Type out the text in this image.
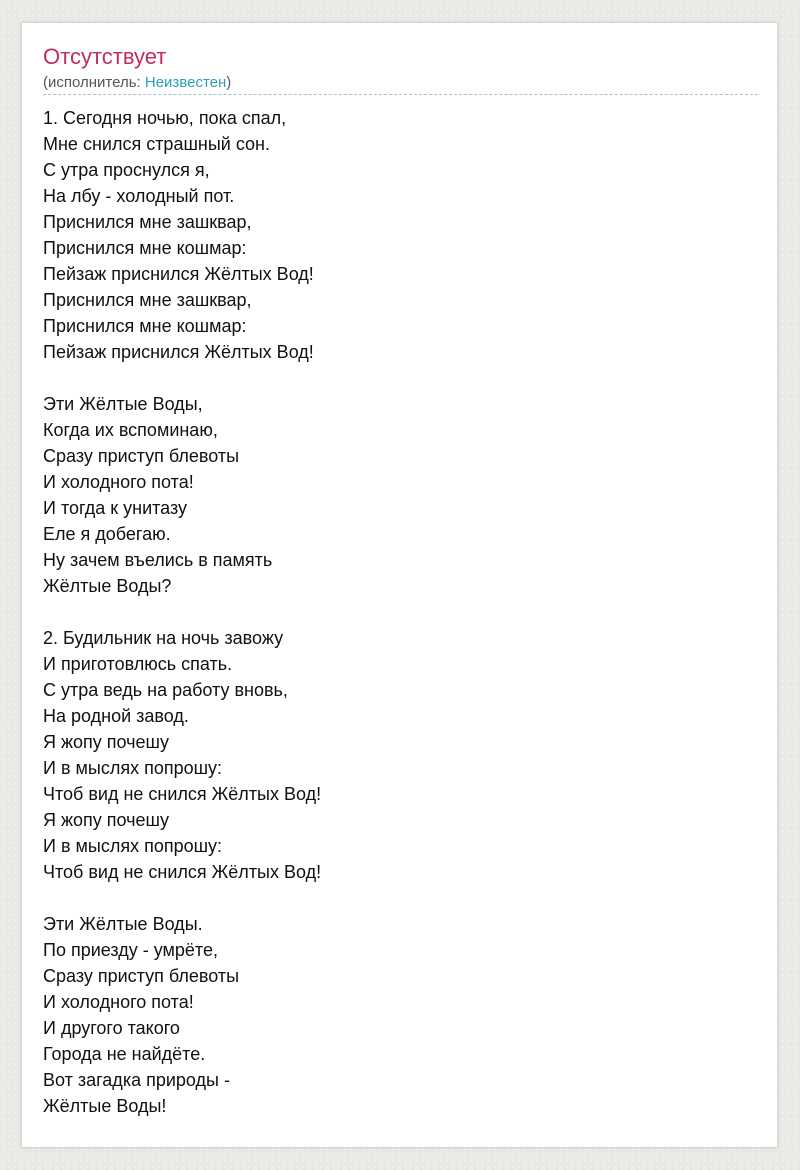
Отсутствует
(исполнитель: Неизвестен)
1. Сегодня ночью, пока спал,
Мне снился страшный сон.
С утра проснулся я,
На лбу - холодный пот.
Приснился мне зашквар,
Приснился мне кошмар:
Пейзаж приснился Жёлтых Вод!
Приснился мне зашквар,
Приснился мне кошмар:
Пейзаж приснился Жёлтых Вод!
Эти Жёлтые Воды,
Когда их вспоминаю,
Сразу приступ блевоты
И холодного пота!
И тогда к унитазу
Еле я добегаю.
Ну зачем въелись в память
Жёлтые Воды?
2. Будильник на ночь завожу
И приготовлюсь спать.
С утра ведь на работу вновь,
На родной завод.
Я жопу почешу
И в мыслях попрошу:
Чтоб вид не снился Жёлтых Вод!
Я жопу почешу
И в мыслях попрошу:
Чтоб вид не снился Жёлтых Вод!
Эти Жёлтые Воды.
По приезду - умрёте,
Сразу приступ блевоты
И холодного пота!
И другого такого
Города не найдёте.
Вот загадка природы -
Жёлтые Воды!
